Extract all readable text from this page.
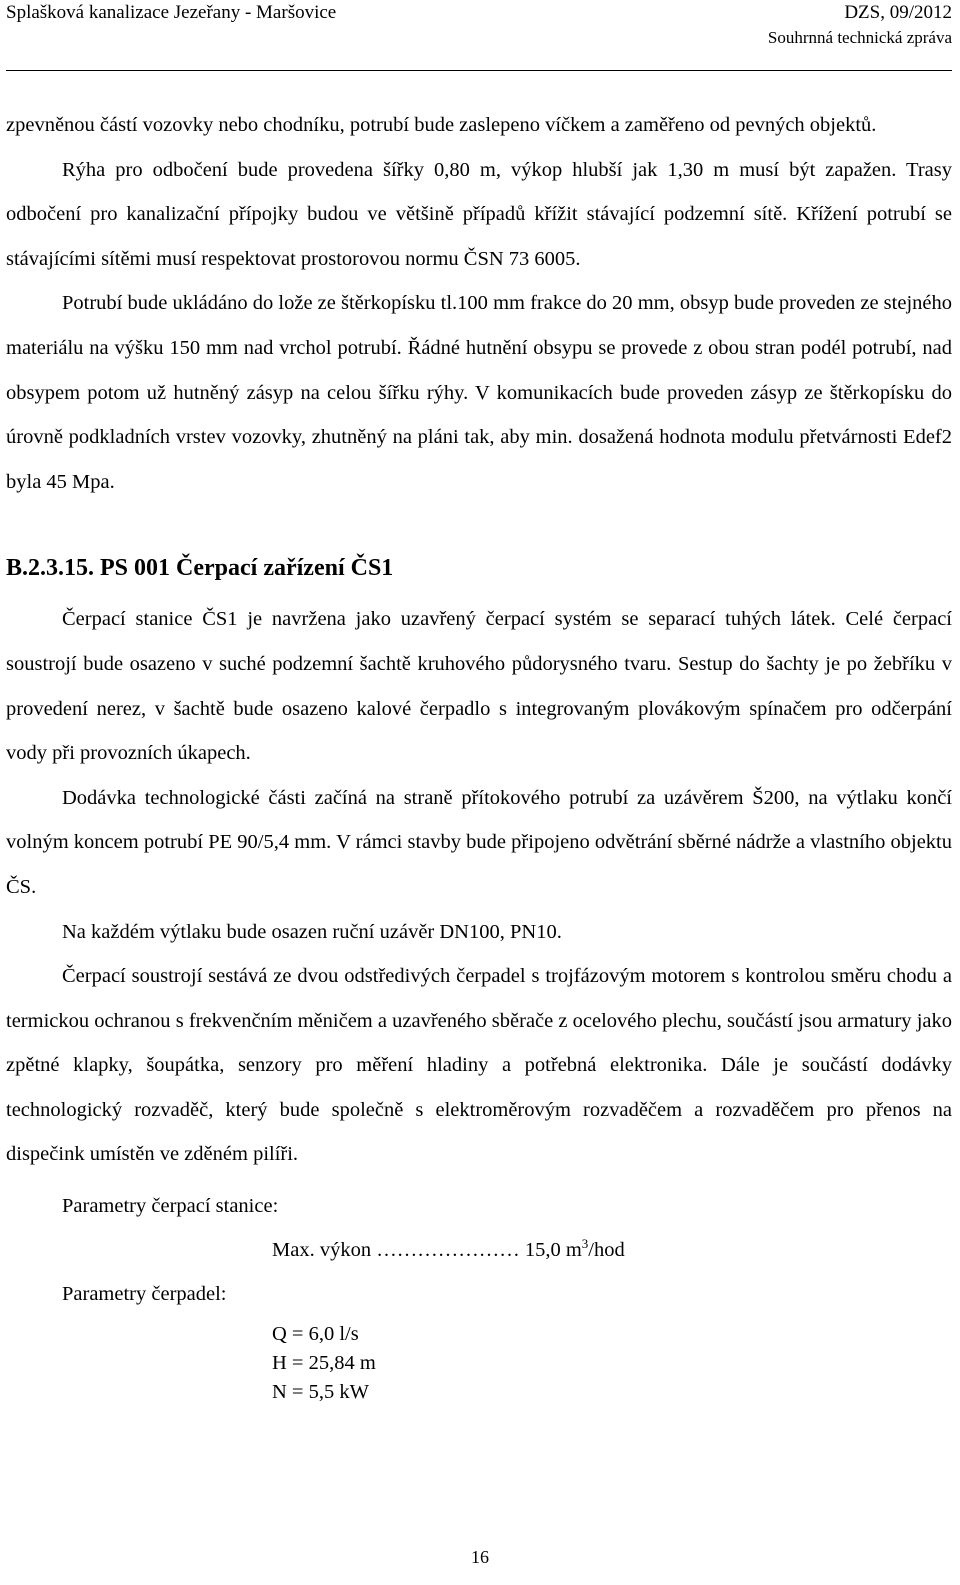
Splašková kanalizace Jezeřany - Maršovice	DZS, 09/2012
Souhrnná technická zpráva

zpevněnou částí vozovky nebo chodníku, potrubí bude zaslepeno víčkem a zaměřeno od pevných objektů.

Rýha pro odbočení bude provedena šířky 0,80 m, výkop hlubší jak 1,30 m musí být zapažen. Trasy odbočení pro kanalizační přípojky budou ve většině případů křížit stávající podzemní sítě. Křížení potrubí se stávajícími sítěmi musí respektovat prostorovou normu ČSN 73 6005.

Potrubí bude ukládáno do lože ze štěrkopísku tl.100 mm frakce do 20 mm, obsyp bude proveden ze stejného materiálu na výšku 150 mm nad vrchol potrubí. Řádné hutnění obsypu se provede z obou stran podél potrubí, nad obsypem potom už hutněný zásyp na celou šířku rýhy. V komunikacích bude proveden zásyp ze štěrkopísku do úrovně podkladních vrstev vozovky, zhutněný na pláni tak, aby min. dosažená hodnota modulu přetvárnosti Edef2 byla 45 Mpa.

B.2.3.15. PS 001 Čerpací zařízení ČS1

Čerpací stanice ČS1 je navržena jako uzavřený čerpací systém se separací tuhých látek. Celé čerpací soustrojí bude osazeno v suché podzemní šachtě kruhového půdorysného tvaru. Sestup do šachty je po žebříku v provedení nerez, v šachtě bude osazeno kalové čerpadlo s integrovaným plovákovým spínačem pro odčerpání vody při provozních úkapech.

Dodávka technologické části začíná na straně přítokového potrubí za uzávěrem Š200, na výtlaku končí volným koncem potrubí PE 90/5,4 mm. V rámci stavby bude připojeno odvětrání sběrné nádrže a vlastního objektu ČS.

Na každém výtlaku bude osazen ruční uzávěr DN100, PN10.

Čerpací soustrojí sestává ze dvou odstředivých čerpadel s trojfázovým motorem s kontrolou směru chodu a termickou ochranou s frekvenčním měničem a uzavřeného sběrače z ocelového plechu, součástí jsou armatury jako zpětné klapky, šoupátka, senzory pro měření hladiny a potřebná elektronika. Dále je součástí dodávky technologický rozvaděč, který bude společně s elektroměrovým rozvaděčem a rozvaděčem pro přenos na dispečink umístěn ve zděném pilíři.

Parametry čerpací stanice:
Max. výkon ………………… 15,0 $m^3$/hod
Parametry čerpadel:
Q = 6,0 l/s
H = 25,84 m
N = 5,5 kW
16
